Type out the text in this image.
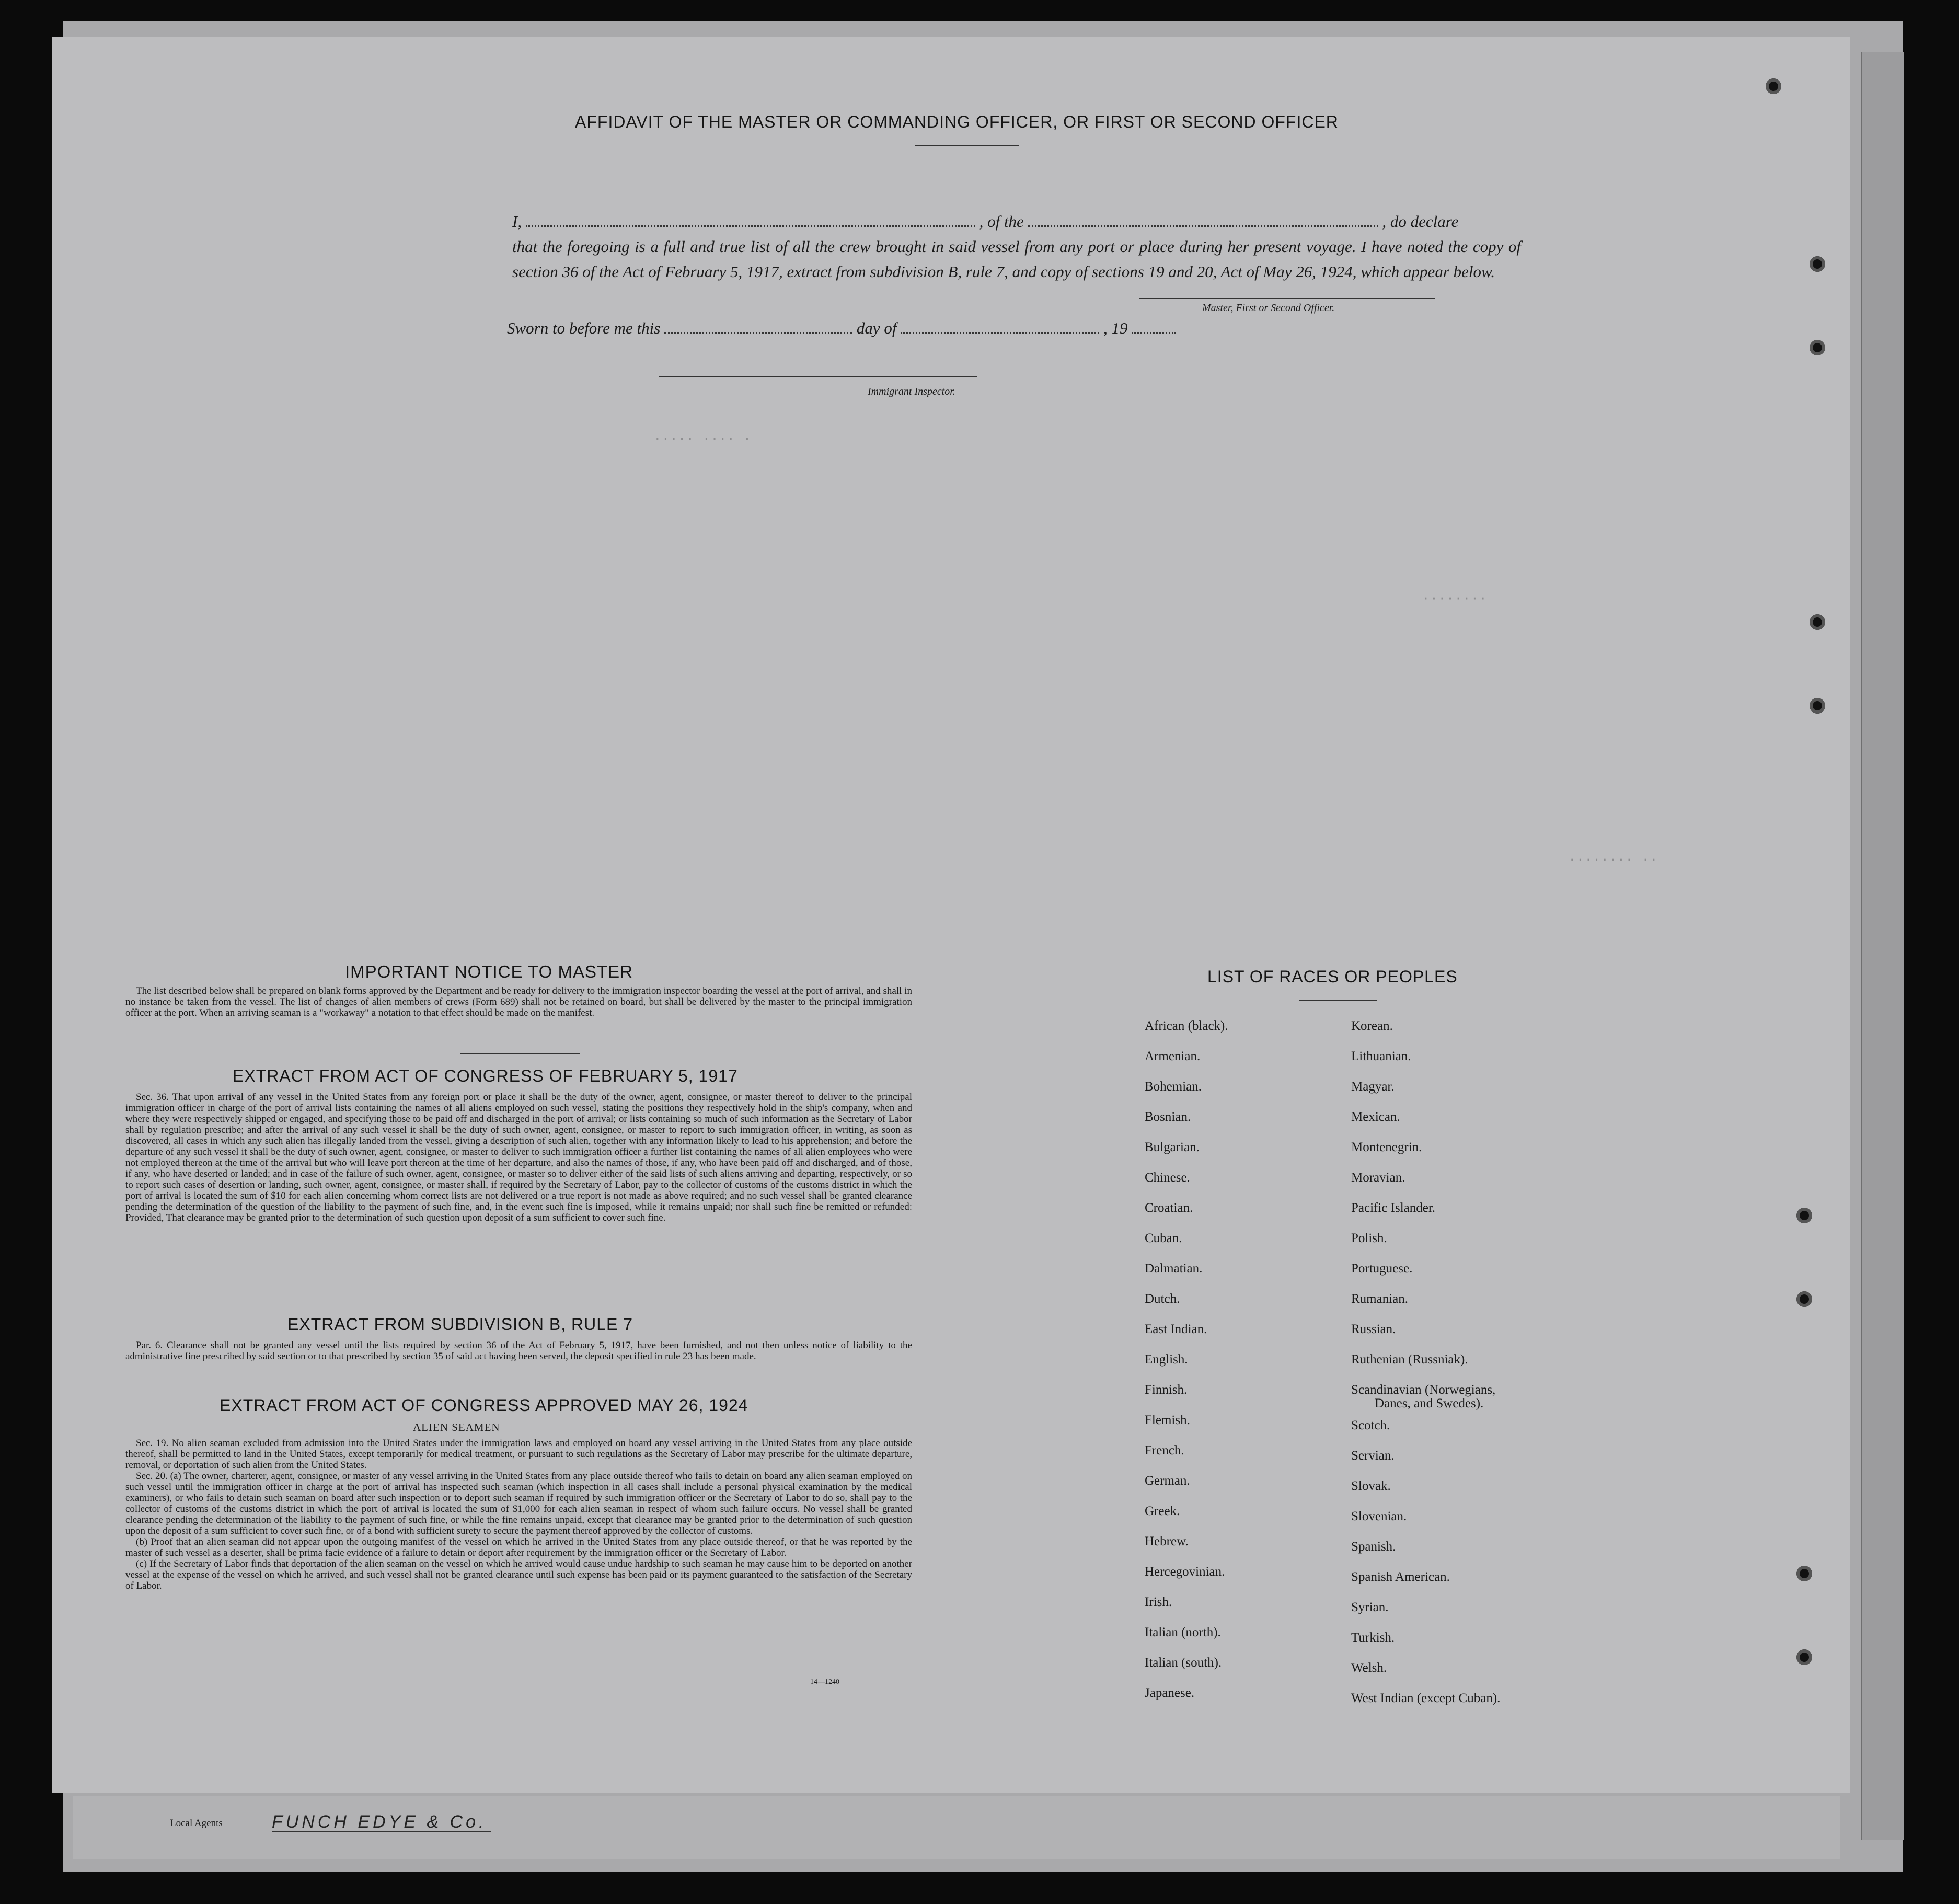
AFFIDAVIT OF THE MASTER OR COMMANDING OFFICER, OR FIRST OR SECOND OFFICER
I,	, of the	, do declare
that the foregoing is a full and true list of all the crew brought in said vessel from any port or place during her present voyage. I have noted the copy of section 36 of the Act of February 5, 1917, extract from subdivision B, rule 7, and copy of sections 19 and 20, Act of May 26, 1924, which appear below.
Master, First or Second Officer.
Sworn to before me this	day of	, 19
Immigrant Inspector.
····· ···· ·
········
········ ··
IMPORTANT NOTICE TO MASTER

The list described below shall be prepared on blank forms approved by the Department and be ready for delivery to the immigration inspector boarding the vessel at the port of arrival, and shall in no instance be taken from the vessel. The list of changes of alien members of crews (Form 689) shall not be retained on board, but shall be delivered by the master to the principal immigration officer at the port. When an arriving seaman is a "workaway" a notation to that effect should be made on the manifest.

EXTRACT FROM ACT OF CONGRESS OF FEBRUARY 5, 1917

Sec. 36. That upon arrival of any vessel in the United States from any foreign port or place it shall be the duty of the owner, agent, consignee, or master thereof to deliver to the principal immigration officer in charge of the port of arrival lists containing the names of all aliens employed on such vessel, stating the positions they respectively hold in the ship's company, when and where they were respectively shipped or engaged, and specifying those to be paid off and discharged in the port of arrival; or lists containing so much of such information as the Secretary of Labor shall by regulation prescribe; and after the arrival of any such vessel it shall be the duty of such owner, agent, consignee, or master to report to such immigration officer, in writing, as soon as discovered, all cases in which any such alien has illegally landed from the vessel, giving a description of such alien, together with any information likely to lead to his apprehension; and before the departure of any such vessel it shall be the duty of such owner, agent, consignee, or master to deliver to such immigration officer a further list containing the names of all alien employees who were not employed thereon at the time of the arrival but who will leave port thereon at the time of her departure, and also the names of those, if any, who have been paid off and discharged, and of those, if any, who have deserted or landed; and in case of the failure of such owner, agent, consignee, or master so to deliver either of the said lists of such aliens arriving and departing, respectively, or so to report such cases of desertion or landing, such owner, agent, consignee, or master shall, if required by the Secretary of Labor, pay to the collector of customs of the customs district in which the port of arrival is located the sum of $10 for each alien concerning whom correct lists are not delivered or a true report is not made as above required; and no such vessel shall be granted clearance pending the determination of the question of the liability to the payment of such fine, and, in the event such fine is imposed, while it remains unpaid; nor shall such fine be remitted or refunded: Provided, That clearance may be granted prior to the determination of such question upon deposit of a sum sufficient to cover such fine.

EXTRACT FROM SUBDIVISION B, RULE 7

Par. 6. Clearance shall not be granted any vessel until the lists required by section 36 of the Act of February 5, 1917, have been furnished, and not then unless notice of liability to the administrative fine prescribed by said section or to that prescribed by section 35 of said act having been served, the deposit specified in rule 23 has been made.

EXTRACT FROM ACT OF CONGRESS APPROVED MAY 26, 1924
ALIEN SEAMEN

Sec. 19. No alien seaman excluded from admission into the United States under the immigration laws and employed on board any vessel arriving in the United States from any place outside thereof, shall be permitted to land in the United States, except temporarily for medical treatment, or pursuant to such regulations as the Secretary of Labor may prescribe for the ultimate departure, removal, or deportation of such alien from the United States.

Sec. 20. (a) The owner, charterer, agent, consignee, or master of any vessel arriving in the United States from any place outside thereof who fails to detain on board any alien seaman employed on such vessel until the immigration officer in charge at the port of arrival has inspected such seaman (which inspection in all cases shall include a personal physical examination by the medical examiners), or who fails to detain such seaman on board after such inspection or to deport such seaman if required by such immigration officer or the Secretary of Labor to do so, shall pay to the collector of customs of the customs district in which the port of arrival is located the sum of $1,000 for each alien seaman in respect of whom such failure occurs. No vessel shall be granted clearance pending the determination of the liability to the payment of such fine, or while the fine remains unpaid, except that clearance may be granted prior to the determination of such question upon the deposit of a sum sufficient to cover such fine, or of a bond with sufficient surety to secure the payment thereof approved by the collector of customs.

(b) Proof that an alien seaman did not appear upon the outgoing manifest of the vessel on which he arrived in the United States from any place outside thereof, or that he was reported by the master of such vessel as a deserter, shall be prima facie evidence of a failure to detain or deport after requirement by the immigration officer or the Secretary of Labor.

(c) If the Secretary of Labor finds that deportation of the alien seaman on the vessel on which he arrived would cause undue hardship to such seaman he may cause him to be deported on another vessel at the expense of the vessel on which he arrived, and such vessel shall not be granted clearance until such expense has been paid or its payment guaranteed to the satisfaction of the Secretary of Labor.

14—1240
LIST OF RACES OR PEOPLES
African (black).
Armenian.
Bohemian.
Bosnian.
Bulgarian.
Chinese.
Croatian.
Cuban.
Dalmatian.
Dutch.
East Indian.
English.
Finnish.
Flemish.
French.
German.
Greek.
Hebrew.
Hercegovinian.
Irish.
Italian (north).
Italian (south).
Japanese.
Korean.
Lithuanian.
Magyar.
Mexican.
Montenegrin.
Moravian.
Pacific Islander.
Polish.
Portuguese.
Rumanian.
Russian.
Ruthenian (Russniak).
Scandinavian (Norwegians,
Danes, and Swedes).
Scotch.
Servian.
Slovak.
Slovenian.
Spanish.
Spanish American.
Syrian.
Turkish.
Welsh.
West Indian (except Cuban).
Local Agents	FUNCH EDYE & Co.
